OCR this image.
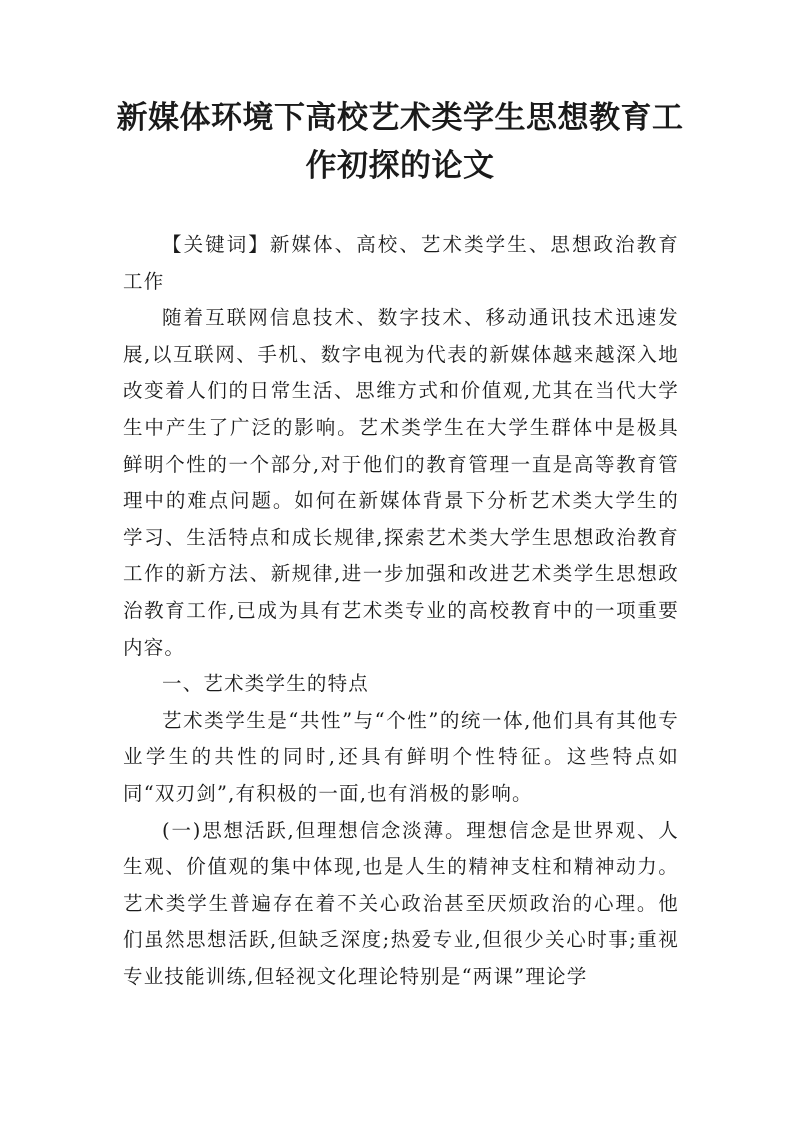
新媒体环境下高校艺术类学生思想教育工作初探的论文

【关键词】新媒体、高校、艺术类学生、思想政治教育工作

随着互联网信息技术、数字技术、移动通讯技术迅速发展,以互联网、手机、数字电视为代表的新媒体越来越深入地改变着人们的日常生活、思维方式和价值观,尤其在当代大学生中产生了广泛的影响。艺术类学生在大学生群体中是极具鲜明个性的一个部分,对于他们的教育管理一直是高等教育管理中的难点问题。如何在新媒体背景下分析艺术类大学生的学习、生活特点和成长规律,探索艺术类大学生思想政治教育工作的新方法、新规律,进一步加强和改进艺术类学生思想政治教育工作,已成为具有艺术类专业的高校教育中的一项重要内容。

一、艺术类学生的特点

艺术类学生是“共性”与“个性”的统一体,他们具有其他专业学生的共性的同时,还具有鲜明个性特征。这些特点如同“双刃剑”,有积极的一面,也有消极的影响。

(一)思想活跃,但理想信念淡薄。理想信念是世界观、人生观、价值观的集中体现,也是人生的精神支柱和精神动力。艺术类学生普遍存在着不关心政治甚至厌烦政治的心理。他们虽然思想活跃,但缺乏深度;热爱专业,但很少关心时事;重视专业技能训练,但轻视文化理论特别是“两课”理论学
